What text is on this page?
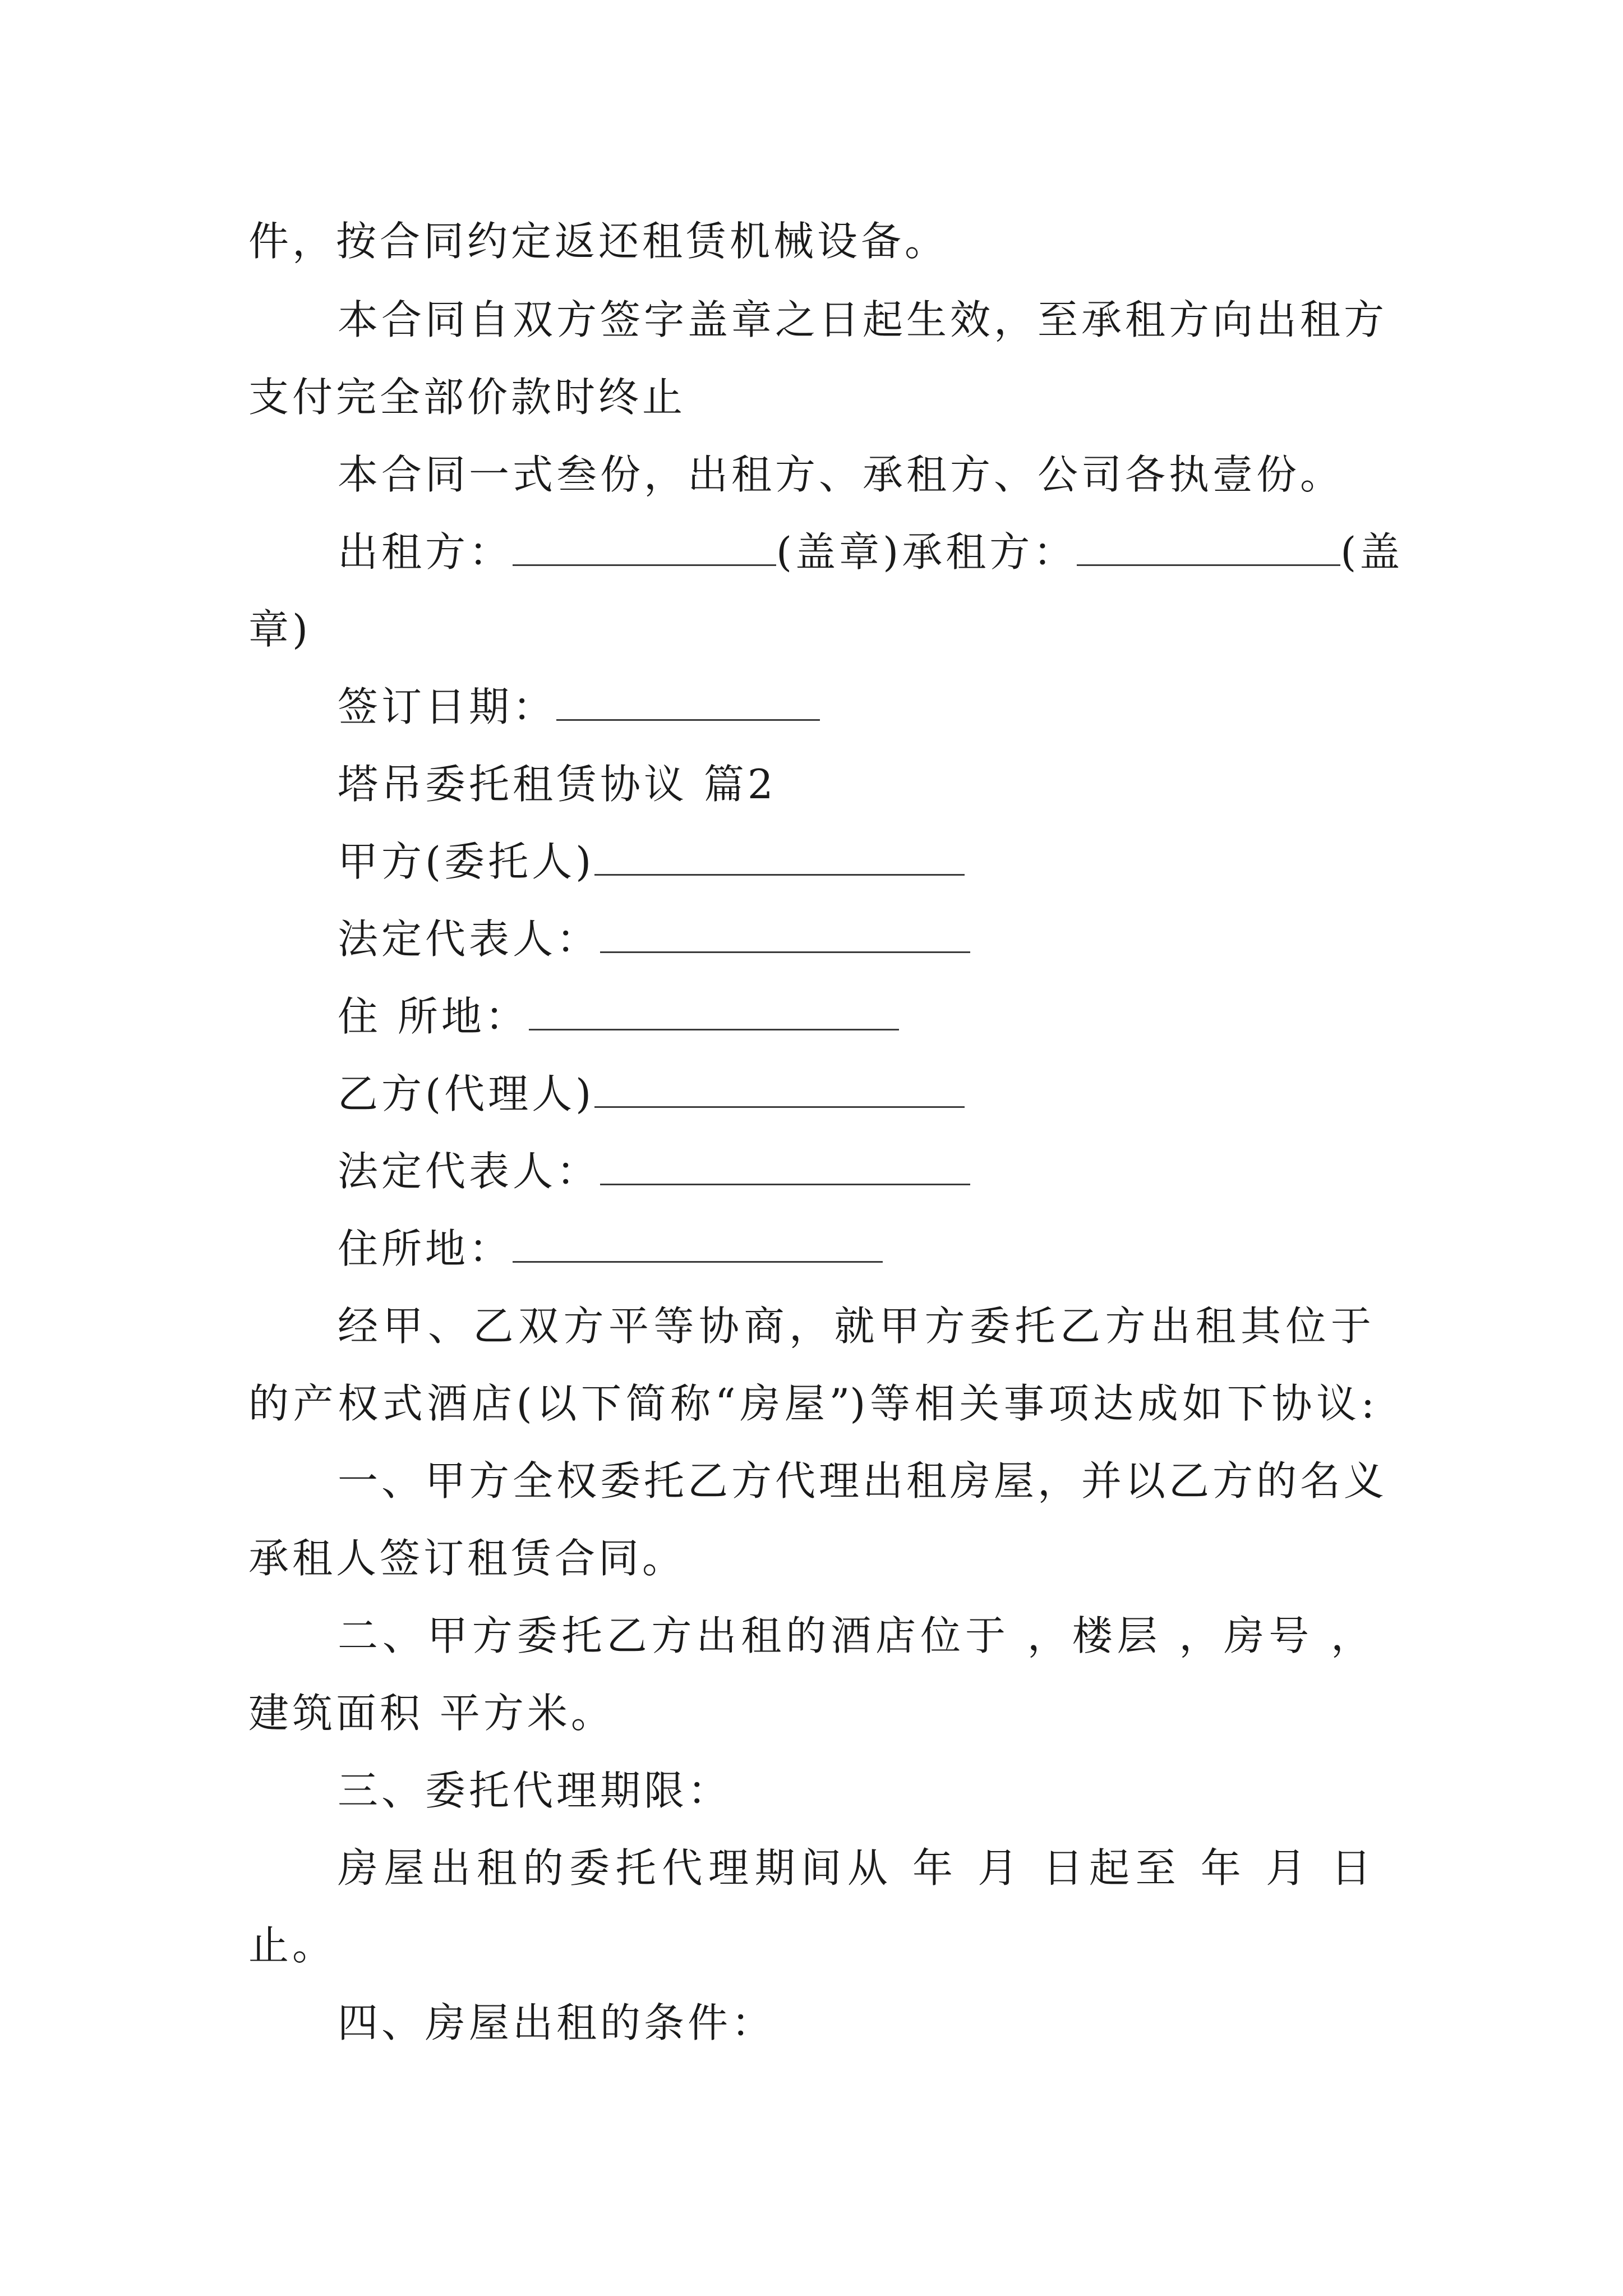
件，按合同约定返还租赁机械设备。
本合同自双方签字盖章之日起生效，至承租方向出租方
支付完全部价款时终止
本合同一式叁份，出租方、承租方、公司各执壹份。
出租方：	(盖章)承租方：	(盖
章)
签订日期：
塔吊委托租赁协议 篇2
甲方(委托人)
法定代表人：
住 所地：
乙方(代理人)
法定代表人：
住所地：
经甲、乙双方平等协商，就甲方委托乙方出租其位于
的产权式酒店(以下简称“房屋”)等相关事项达成如下协议:
一、甲方全权委托乙方代理出租房屋，并以乙方的名义
承租人签订租赁合同。
二、甲方委托乙方出租的酒店位于 ，楼层 ，房号 ，
建筑面积 平方米。
三、委托代理期限：
房屋出租的委托代理期间从 年 月 日起至 年 月 日
止。
四、房屋出租的条件：
